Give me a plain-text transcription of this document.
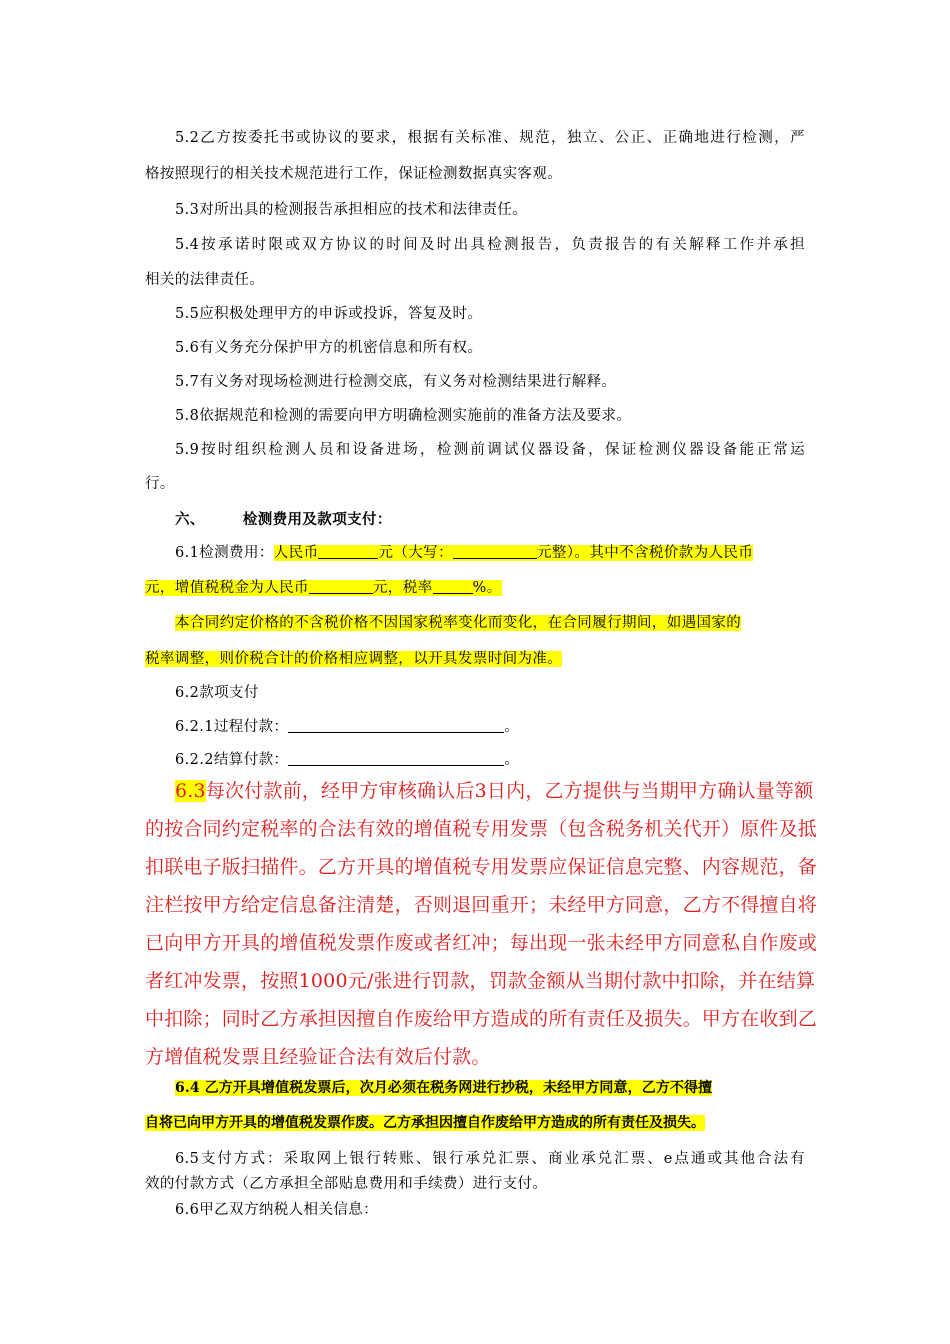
5.2乙方按委托书或协议的要求，根据有关标准、规范，独立、公正、正确地进行检测，严
格按照现行的相关技术规范进行工作，保证检测数据真实客观。
5.3对所出具的检测报告承担相应的技术和法律责任。
5.4按承诺时限或双方协议的时间及时出具检测报告，负责报告的有关解释工作并承担
相关的法律责任。
5.5应积极处理甲方的申诉或投诉，答复及时。
5.6有义务充分保护甲方的机密信息和所有权。
5.7有义务对现场检测进行检测交底，有义务对检测结果进行解释。
5.8依据规范和检测的需要向甲方明确检测实施前的准备方法及要求。
5.9按时组织检测人员和设备进场，检测前调试仪器设备，保证检测仪器设备能正常运
行。
六、	检测费用及款项支付：
6.1检测费用：人民币	元（大写：	元整）。其中不含税价款为人民币
元，增值税税金为人民币	元，税率	%。
本合同约定价格的不含税价格不因国家税率变化而变化，在合同履行期间，如遇国家的
税率调整，则价税合计的价格相应调整，以开具发票时间为准。
6.2款项支付
6.2.1过程付款：	。
6.2.2结算付款：	。
6.3每次付款前，经甲方审核确认后3日内，乙方提供与当期甲方确认量等额
的按合同约定税率的合法有效的增值税专用发票（包含税务机关代开）原件及抵
扣联电子版扫描件。乙方开具的增值税专用发票应保证信息完整、内容规范，备
注栏按甲方给定信息备注清楚，否则退回重开；未经甲方同意，乙方不得擅自将
已向甲方开具的增值税发票作废或者红冲；每出现一张未经甲方同意私自作废或
者红冲发票，按照1000元/张进行罚款，罚款金额从当期付款中扣除，并在结算
中扣除；同时乙方承担因擅自作废给甲方造成的所有责任及损失。甲方在收到乙
方增值税发票且经验证合法有效后付款。
6.4 乙方开具增值税发票后，次月必须在税务网进行抄税，未经甲方同意，乙方不得擅
自将已向甲方开具的增值税发票作废。乙方承担因擅自作废给甲方造成的所有责任及损失。
6.5支付方式：采取网上银行转账、银行承兑汇票、商业承兑汇票、e点通或其他合法有
效的付款方式（乙方承担全部贴息费用和手续费）进行支付。
6.6甲乙双方纳税人相关信息：
